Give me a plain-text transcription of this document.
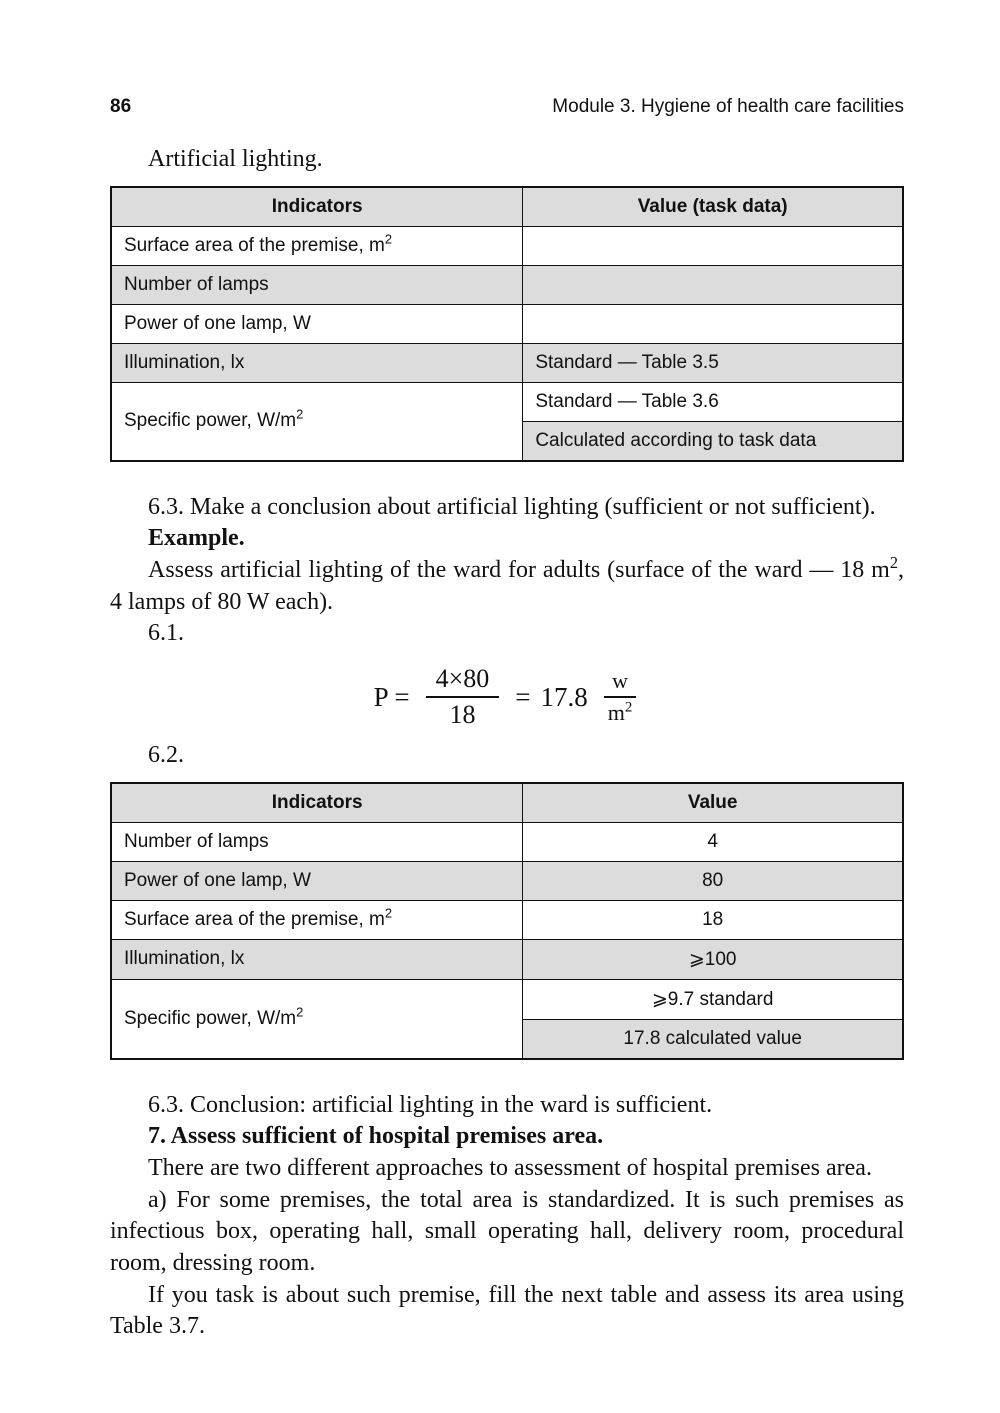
86	Module 3. Hygiene of health care facilities

Artificial lighting.

Indicators	Value (task data)
Surface area of the premise, $m^2$	
Number of lamps	
Power of one lamp, W	
Illumination, lx	Standard — Table 3.5
Specific power, $W/m^2$	Standard — Table 3.6
	Calculated according to task data

6.3. Make a conclusion about artificial lighting (sufficient or not sufficient).

Example.

Assess artificial lighting of the ward for adults (surface of the ward — 18 $m^2$, 4 lamps of 80 W each).

6.1.

$P = \frac{4\times 80}{18} = 17.8 \frac{w}{m^2}$

6.2.

Indicators	Value
Number of lamps	4
Power of one lamp, W	80
Surface area of the premise, $m^2$	18
Illumination, lx	⩾100
Specific power, $W/m^2$	⩾9.7 standard
	17.8 calculated value

6.3. Conclusion: artificial lighting in the ward is sufficient.

7. Assess sufficient of hospital premises area.

There are two different approaches to assessment of hospital premises area.

a) For some premises, the total area is standardized. It is such premises as infectious box, operating hall, small operating hall, delivery room, procedural room, dressing room.

If you task is about such premise, fill the next table and assess its area using Table 3.7.
